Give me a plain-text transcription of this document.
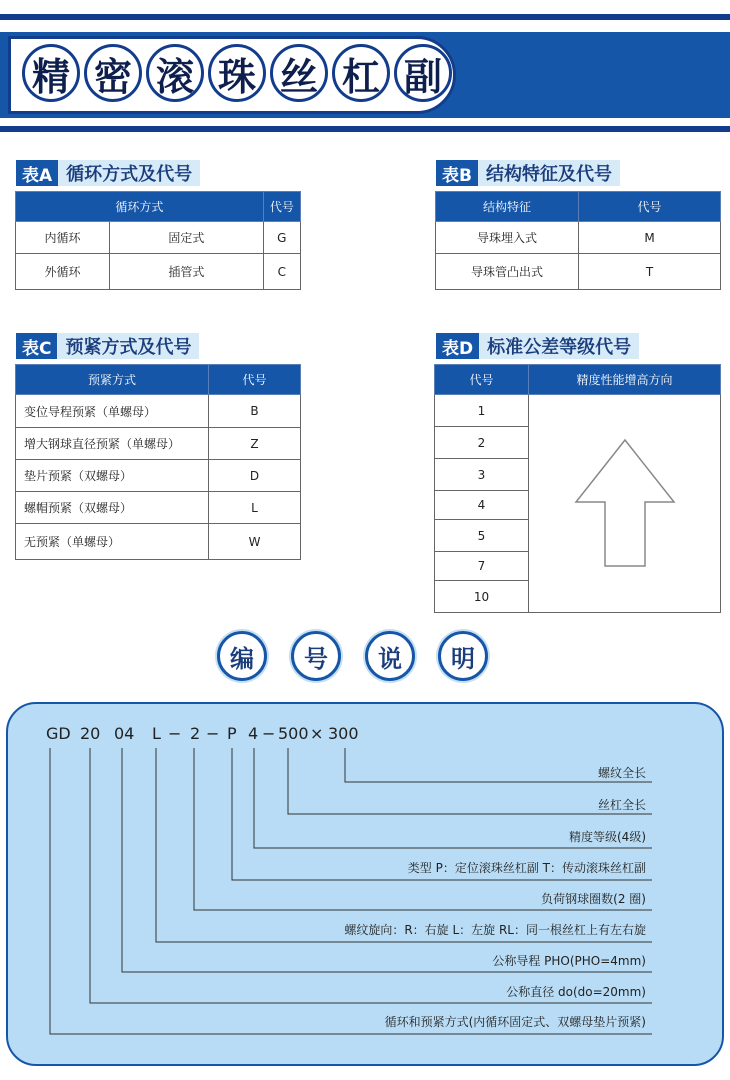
精 密 滚 珠 丝 杠 副
表A 循环方式及代号
循环方式		代号
内循环	固定式	G
外循环	插管式	C
表B 结构特征及代号
结构特征	代号
导珠埋入式	M
导珠管凸出式	T
表C 预紧方式及代号
预紧方式	代号
变位导程预紧（单螺母）	B
增大钢球直径预紧（单螺母）	Z
垫片预紧（双螺母）	D
螺帽预紧（双螺母）	L
无预紧（单螺母）	W
表D 标准公差等级代号
代号	精度性能增高方向
1	

2	
3	
4	
5	
7	
10	
编	号	说	明
GD 20 04 L − 2 − P 4 − 500 × 300
螺纹全长
丝杠全长
精度等级(4级)
类型 P：定位滚珠丝杠副 T：传动滚珠丝杠副
负荷钢球圈数(2 圈)
螺纹旋向：R：右旋 L：左旋 RL：同一根丝杠上有左右旋
公称导程 PHO(PHO=4mm)
公称直径 do(do=20mm)
循环和预紧方式(内循环固定式、双螺母垫片预紧)
